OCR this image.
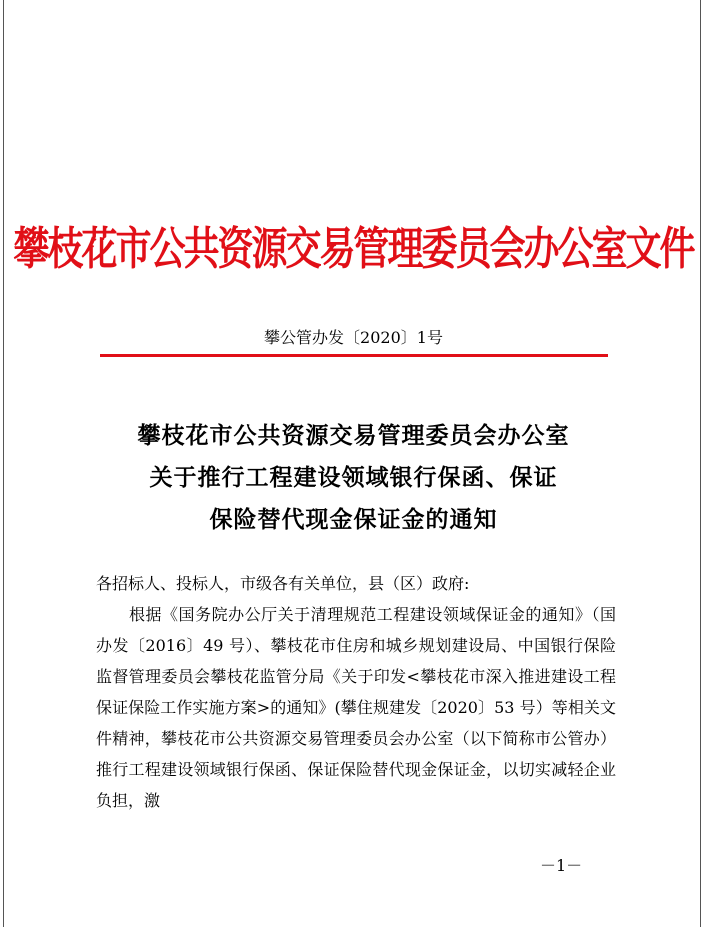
攀枝花市公共资源交易管理委员会办公室文件
攀公管办发〔2020〕1号
攀枝花市公共资源交易管理委员会办公室
关于推行工程建设领域银行保函、保证
保险替代现金保证金的通知

各招标人、投标人，市级各有关单位，县（区）政府:

根据《国务院办公厅关于清理规范工程建设领域保证金的通知》（国办发〔2016〕49 号）、攀枝花市住房和城乡规划建设局、中国银行保险监督管理委员会攀枝花监管分局《关于印发<攀枝花市深入推进建设工程保证保险工作实施方案>的通知》(攀住规建发〔2020〕53 号）等相关文件精神，攀枝花市公共资源交易管理委员会办公室（以下简称市公管办）推行工程建设领域银行保函、保证保险替代现金保证金，以切实减轻企业负担，激

－1－
